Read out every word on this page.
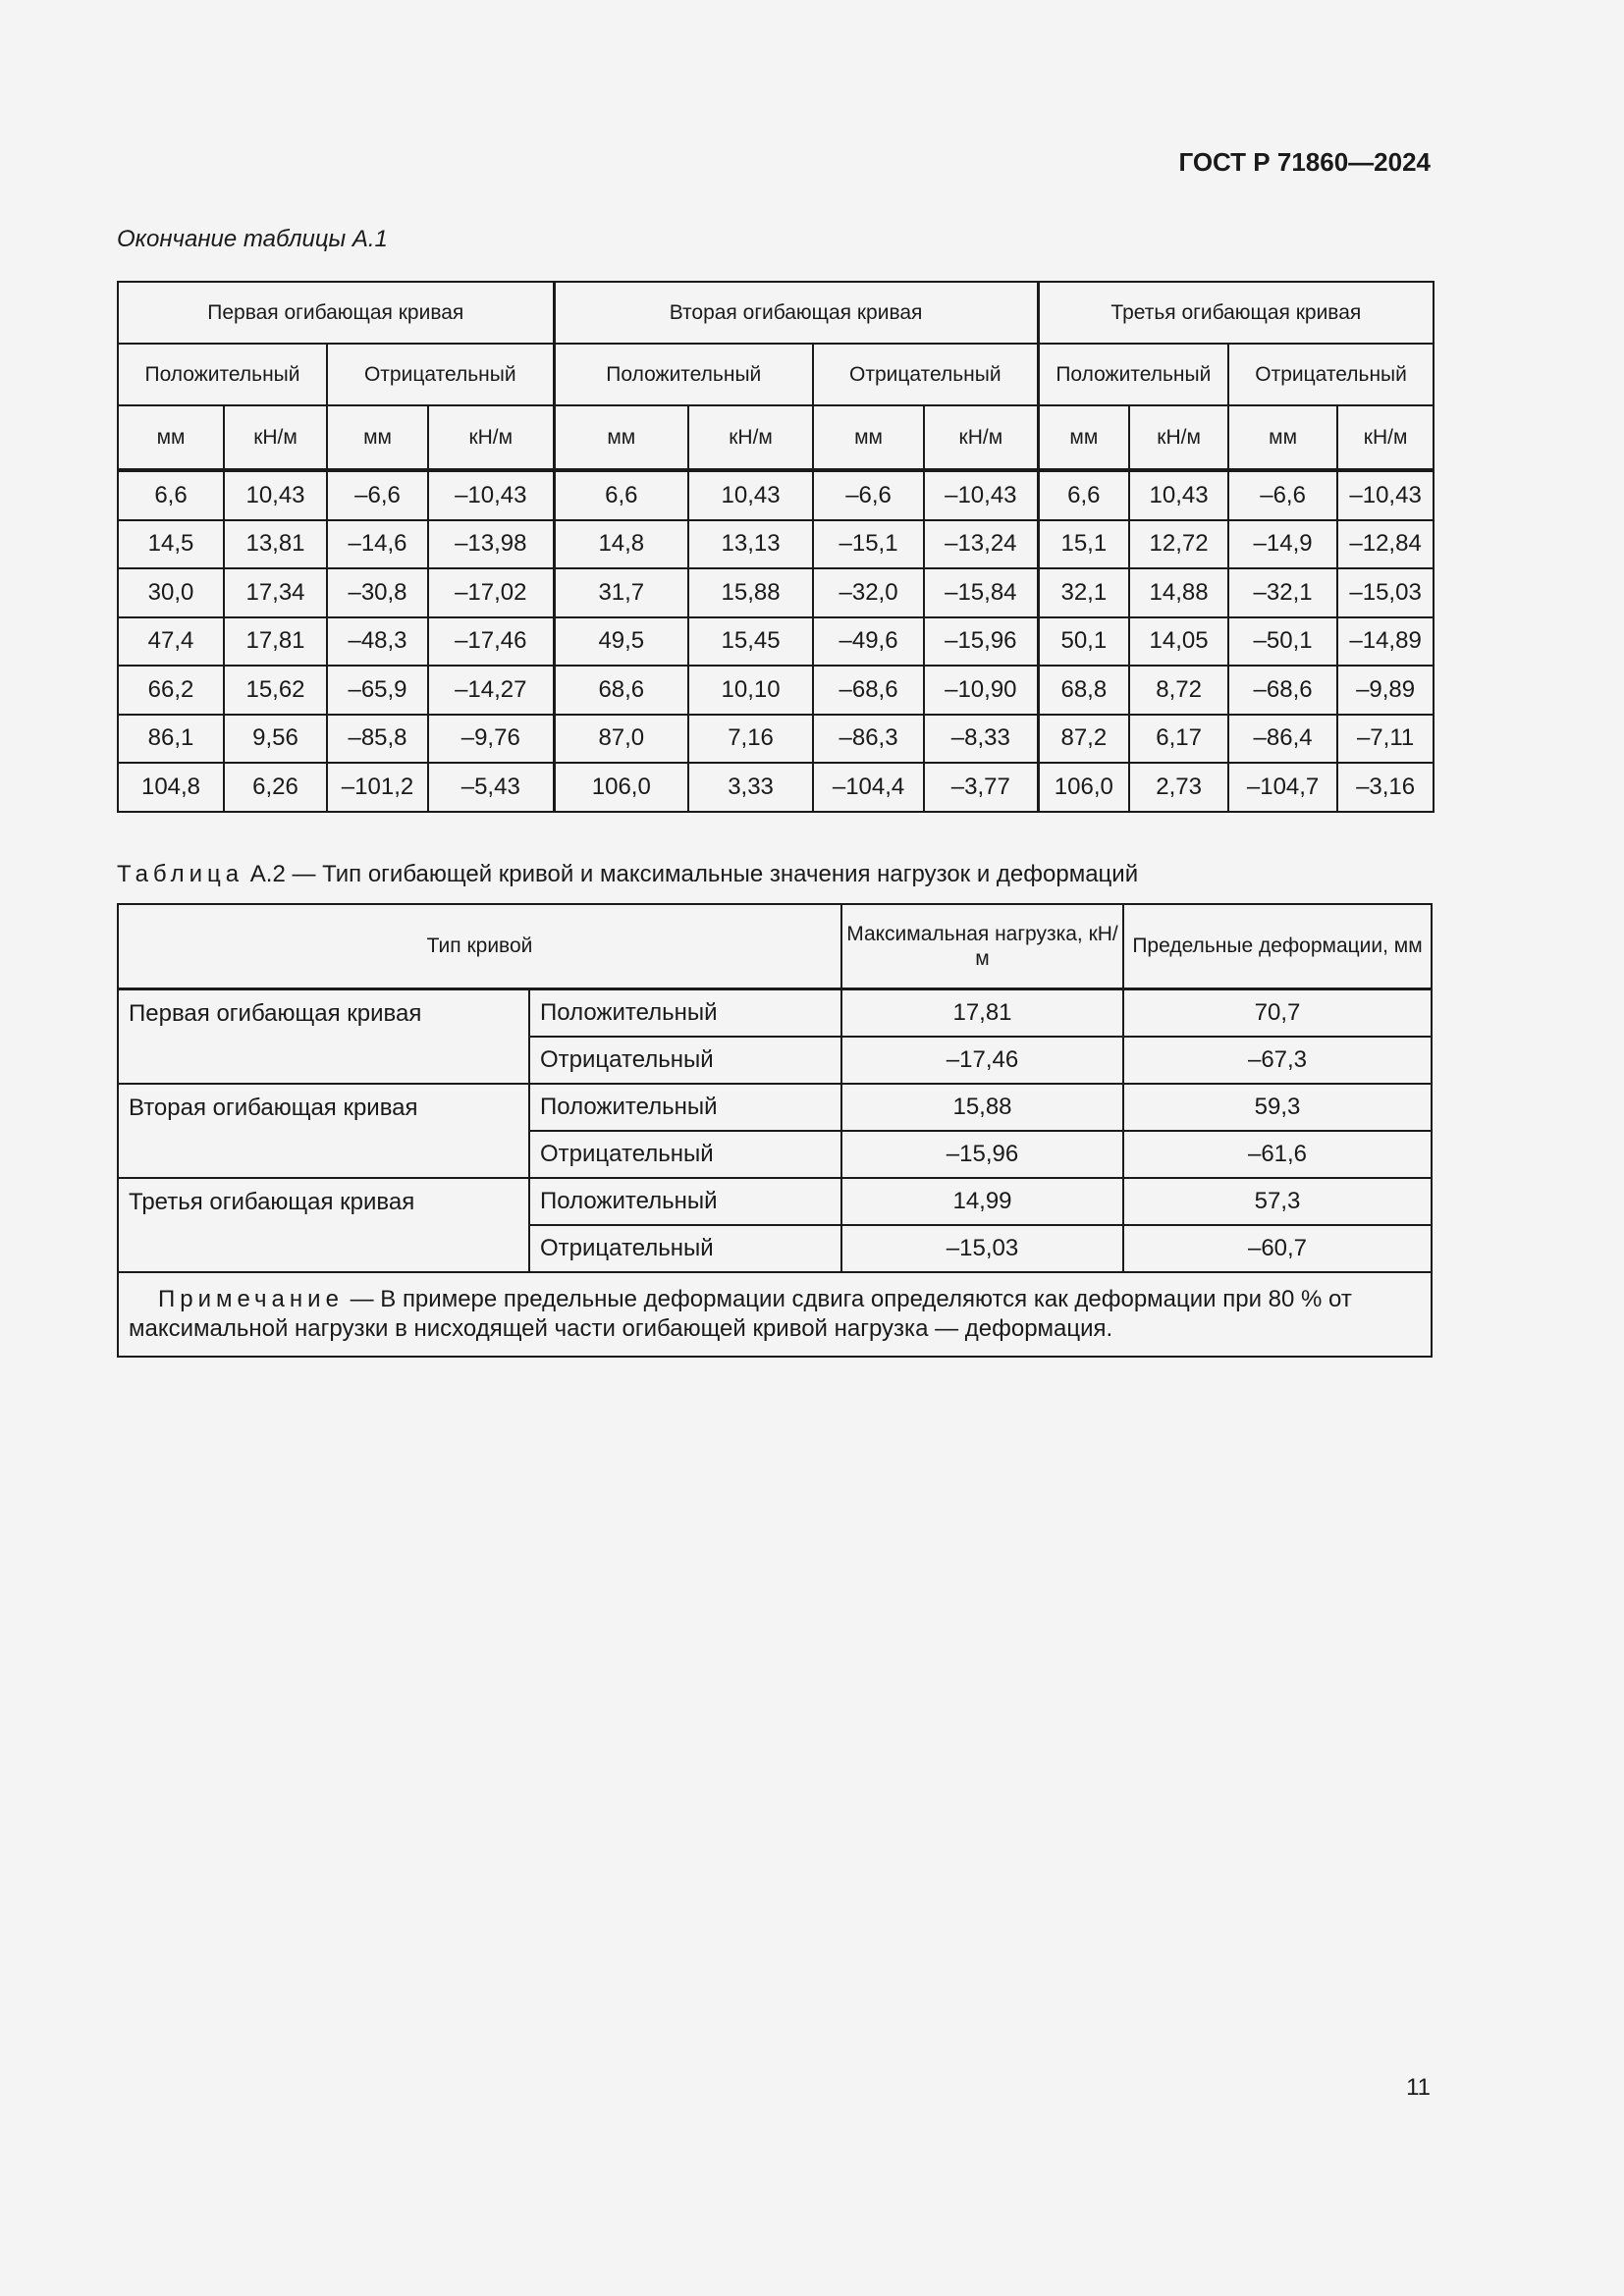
ГОСТ Р 71860—2024
Окончание таблицы А.1
Первая огибающая кривая				Вторая огибающая кривая				Третья огибающая кривая			
Положительный		Отрицательный		Положительный		Отрицательный		Положительный		Отрицательный	
мм	кН/м	мм	кН/м	мм	кН/м	мм	кН/м	мм	кН/м	мм	кН/м
6,6	10,43	–6,6	–10,43	6,6	10,43	–6,6	–10,43	6,6	10,43	–6,6	–10,43
14,5	13,81	–14,6	–13,98	14,8	13,13	–15,1	–13,24	15,1	12,72	–14,9	–12,84
30,0	17,34	–30,8	–17,02	31,7	15,88	–32,0	–15,84	32,1	14,88	–32,1	–15,03
47,4	17,81	–48,3	–17,46	49,5	15,45	–49,6	–15,96	50,1	14,05	–50,1	–14,89
66,2	15,62	–65,9	–14,27	68,6	10,10	–68,6	–10,90	68,8	8,72	–68,6	–9,89
86,1	9,56	–85,8	–9,76	87,0	7,16	–86,3	–8,33	87,2	6,17	–86,4	–7,11
104,8	6,26	–101,2	–5,43	106,0	3,33	–104,4	–3,77	106,0	2,73	–104,7	–3,16
Таблица А.2 — Тип огибающей кривой и максимальные значения нагрузок и деформаций
Тип кривой		Максимальная нагрузка, кН/м	Предельные деформации, мм
Первая огибающая кривая	Положительный	17,81	70,7
	Отрицательный	–17,46	–67,3
Вторая огибающая кривая	Положительный	15,88	59,3
	Отрицательный	–15,96	–61,6
Третья огибающая кривая	Положительный	14,99	57,3
	Отрицательный	–15,03	–60,7
Примечание — В примере предельные деформации сдвига определяются как деформации при 80 % от максимальной нагрузки в нисходящей части огибающей кривой нагрузка — деформация.			
11
